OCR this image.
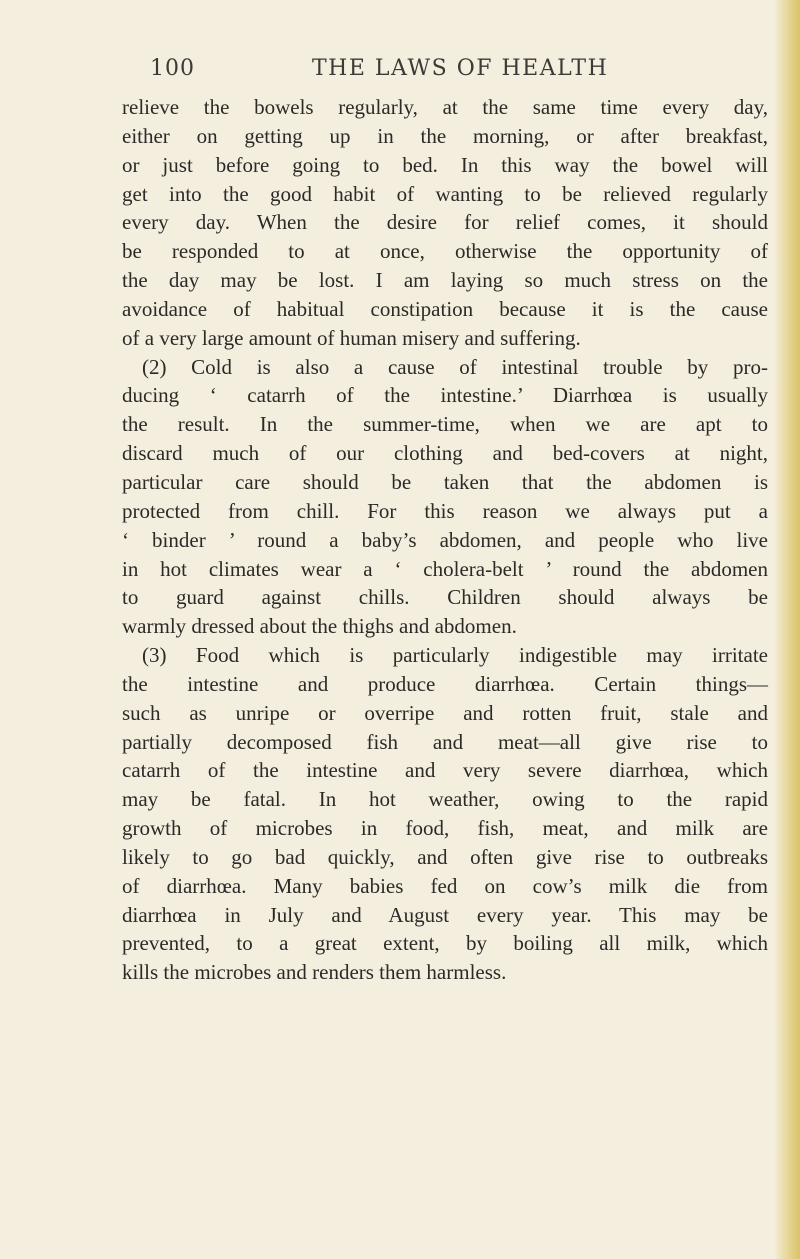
100	THE LAWS OF HEALTH
relieve the bowels regularly, at the same time every day,
either on getting up in the morning, or after breakfast,
or just before going to bed. In this way the bowel will
get into the good habit of wanting to be relieved regularly
every day. When the desire for relief comes, it should
be responded to at once, otherwise the opportunity of
the day may be lost. I am laying so much stress on the
avoidance of habitual constipation because it is the cause
of a very large amount of human misery and suffering.
(2) Cold is also a cause of intestinal trouble by pro-
ducing ‘ catarrh of the intestine.’ Diarrhœa is usually
the result. In the summer-time, when we are apt to
discard much of our clothing and bed-covers at night,
particular care should be taken that the abdomen is
protected from chill. For this reason we always put a
‘ binder ’ round a baby’s abdomen, and people who live
in hot climates wear a ‘ cholera-belt ’ round the abdomen
to guard against chills. Children should always be
warmly dressed about the thighs and abdomen.
(3) Food which is particularly indigestible may irritate
the intestine and produce diarrhœa. Certain things—
such as unripe or overripe and rotten fruit, stale and
partially decomposed fish and meat—all give rise to
catarrh of the intestine and very severe diarrhœa, which
may be fatal. In hot weather, owing to the rapid
growth of microbes in food, fish, meat, and milk are
likely to go bad quickly, and often give rise to outbreaks
of diarrhœa. Many babies fed on cow’s milk die from
diarrhœa in July and August every year. This may be
prevented, to a great extent, by boiling all milk, which
kills the microbes and renders them harmless.
